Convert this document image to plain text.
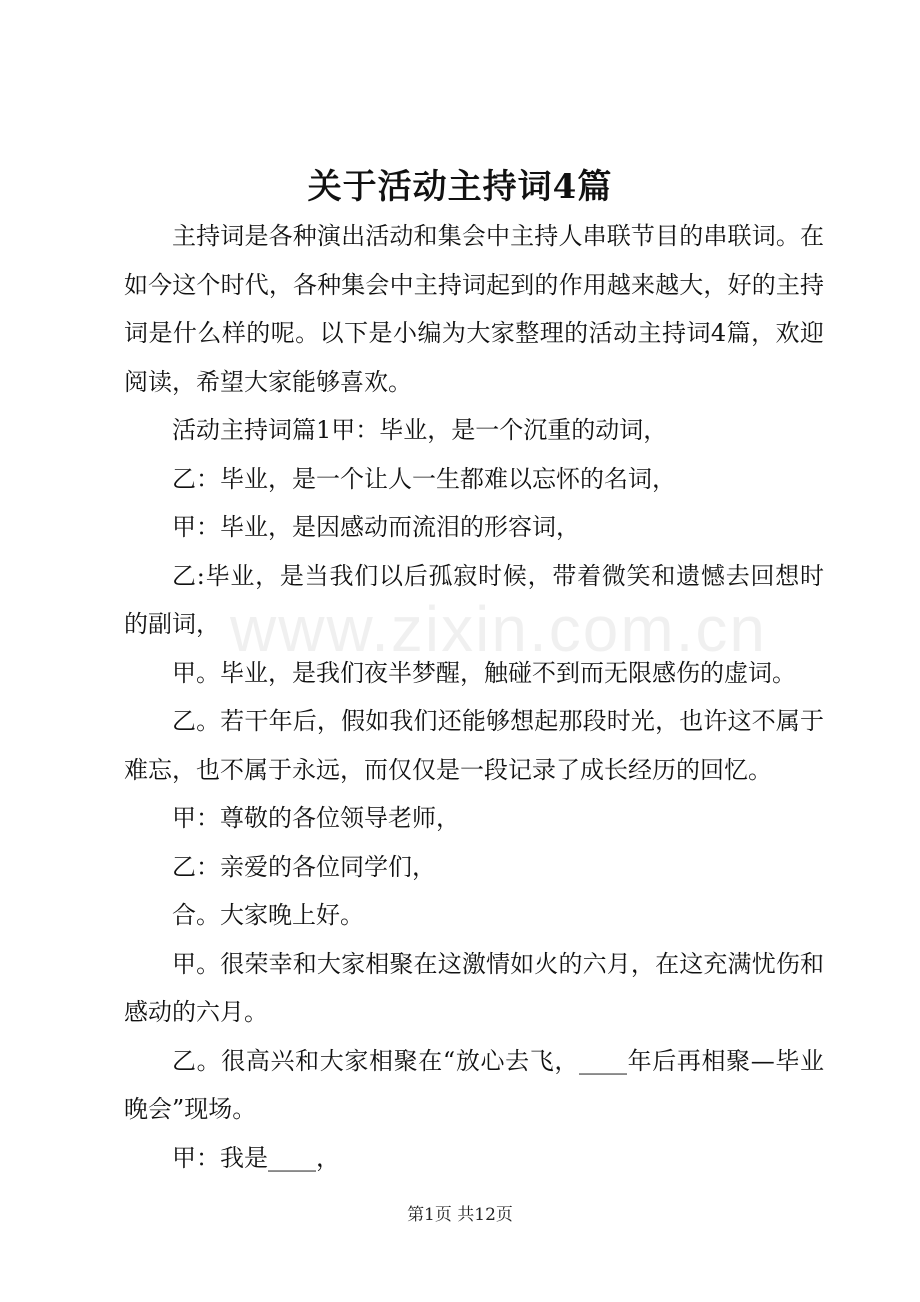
关于活动主持词4篇

主持词是各种演出活动和集会中主持人串联节目的串联词。在如今这个时代，各种集会中主持词起到的作用越来越大，好的主持词是什么样的呢。以下是小编为大家整理的活动主持词4篇，欢迎阅读，希望大家能够喜欢。

活动主持词篇1甲：毕业，是一个沉重的动词，

乙：毕业，是一个让人一生都难以忘怀的名词，

甲：毕业，是因感动而流泪的形容词，

乙:毕业，是当我们以后孤寂时候，带着微笑和遗憾去回想时的副词，

甲。毕业，是我们夜半梦醒，触碰不到而无限感伤的虚词。

乙。若干年后，假如我们还能够想起那段时光，也许这不属于难忘，也不属于永远，而仅仅是一段记录了成长经历的回忆。

甲：尊敬的各位领导老师，

乙：亲爱的各位同学们，

合。大家晚上好。

甲。很荣幸和大家相聚在这激情如火的六月，在这充满忧伤和感动的六月。

乙。很高兴和大家相聚在“放心去飞，____年后再相聚—毕业晚会”现场。

甲：我是____，

www.zixin.com.cn
第1页 共12页
